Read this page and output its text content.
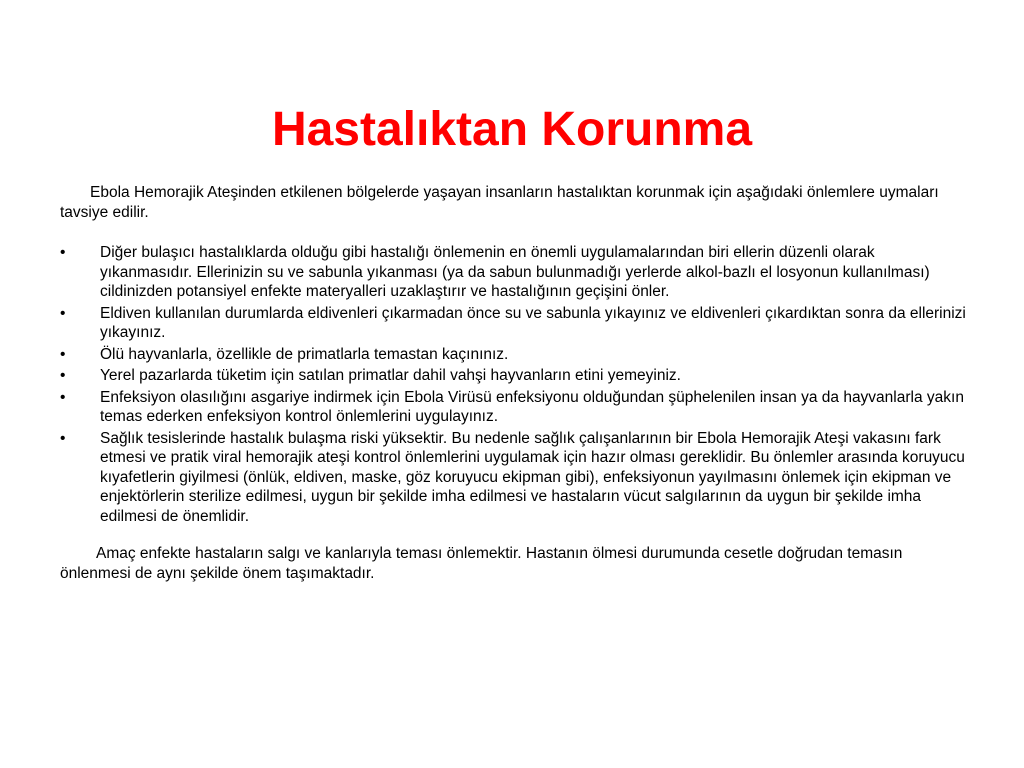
Hastalıktan Korunma

Ebola Hemorajik Ateşinden etkilenen bölgelerde yaşayan insanların hastalıktan korunmak için aşağıdaki önlemlere uymaları tavsiye edilir.

•	Diğer bulaşıcı hastalıklarda olduğu gibi hastalığı önlemenin en önemli uygulamalarından biri ellerin düzenli olarak yıkanmasıdır. Ellerinizin su ve sabunla yıkanması (ya da sabun bulunmadığı yerlerde alkol-bazlı el losyonun kullanılması) cildinizden potansiyel enfekte materyalleri uzaklaştırır ve hastalığının geçişini önler.
•	Eldiven kullanılan durumlarda eldivenleri çıkarmadan önce su ve sabunla yıkayınız ve eldivenleri çıkardıktan sonra da ellerinizi yıkayınız.
•	Ölü hayvanlarla, özellikle de primatlarla temastan kaçınınız.
•	Yerel pazarlarda tüketim için satılan primatlar dahil vahşi hayvanların etini yemeyiniz.
•	Enfeksiyon olasılığını asgariye indirmek için Ebola Virüsü enfeksiyonu olduğundan şüphelenilen insan ya da hayvanlarla yakın temas ederken enfeksiyon kontrol önlemlerini uygulayınız.
•	Sağlık tesislerinde hastalık bulaşma riski yüksektir. Bu nedenle sağlık çalışanlarının bir Ebola Hemorajik Ateşi vakasını fark etmesi ve pratik viral hemorajik ateşi kontrol önlemlerini uygulamak için hazır olması gereklidir. Bu önlemler arasında koruyucu kıyafetlerin giyilmesi (önlük, eldiven, maske, göz koruyucu ekipman gibi), enfeksiyonun yayılmasını önlemek için ekipman ve enjektörlerin sterilize edilmesi, uygun bir şekilde imha edilmesi ve hastaların vücut salgılarının da uygun bir şekilde imha edilmesi de önemlidir.

Amaç enfekte hastaların salgı ve kanlarıyla teması önlemektir. Hastanın ölmesi durumunda cesetle doğrudan temasın önlenmesi de aynı şekilde önem taşımaktadır.
